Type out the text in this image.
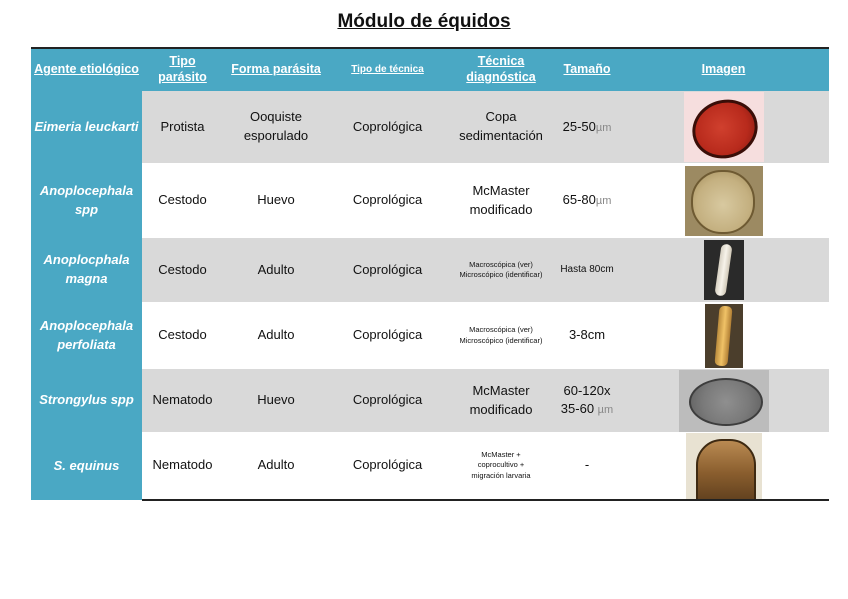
Módulo de équidos
Agente etiológico	Tipo parásito	Forma parásita	Tipo de técnica	Técnica diagnóstica	Tamaño	Imagen
Eimeria leuckarti	Protista	Ooquiste esporulado	Coprológica	Copa sedimentación	25-50µm	

Anoplocephala spp	Cestodo	Huevo	Coprológica	McMaster modificado	65-80µm	

Anoplocphala magna	Cestodo	Adulto	Coprológica	Macroscópica (ver)
Microscópico (identificar)	Hasta 80cm	

Anoplocephala perfoliata	Cestodo	Adulto	Coprológica	Macroscópica (ver)
Microscópico (identificar)	3-8cm	

Strongylus spp	Nematodo	Huevo	Coprológica	McMaster modificado	60-120x
35-60 µm	

S. equinus	Nematodo	Adulto	Coprológica	McMaster +
coprocultivo +
migración larvaria	-	
